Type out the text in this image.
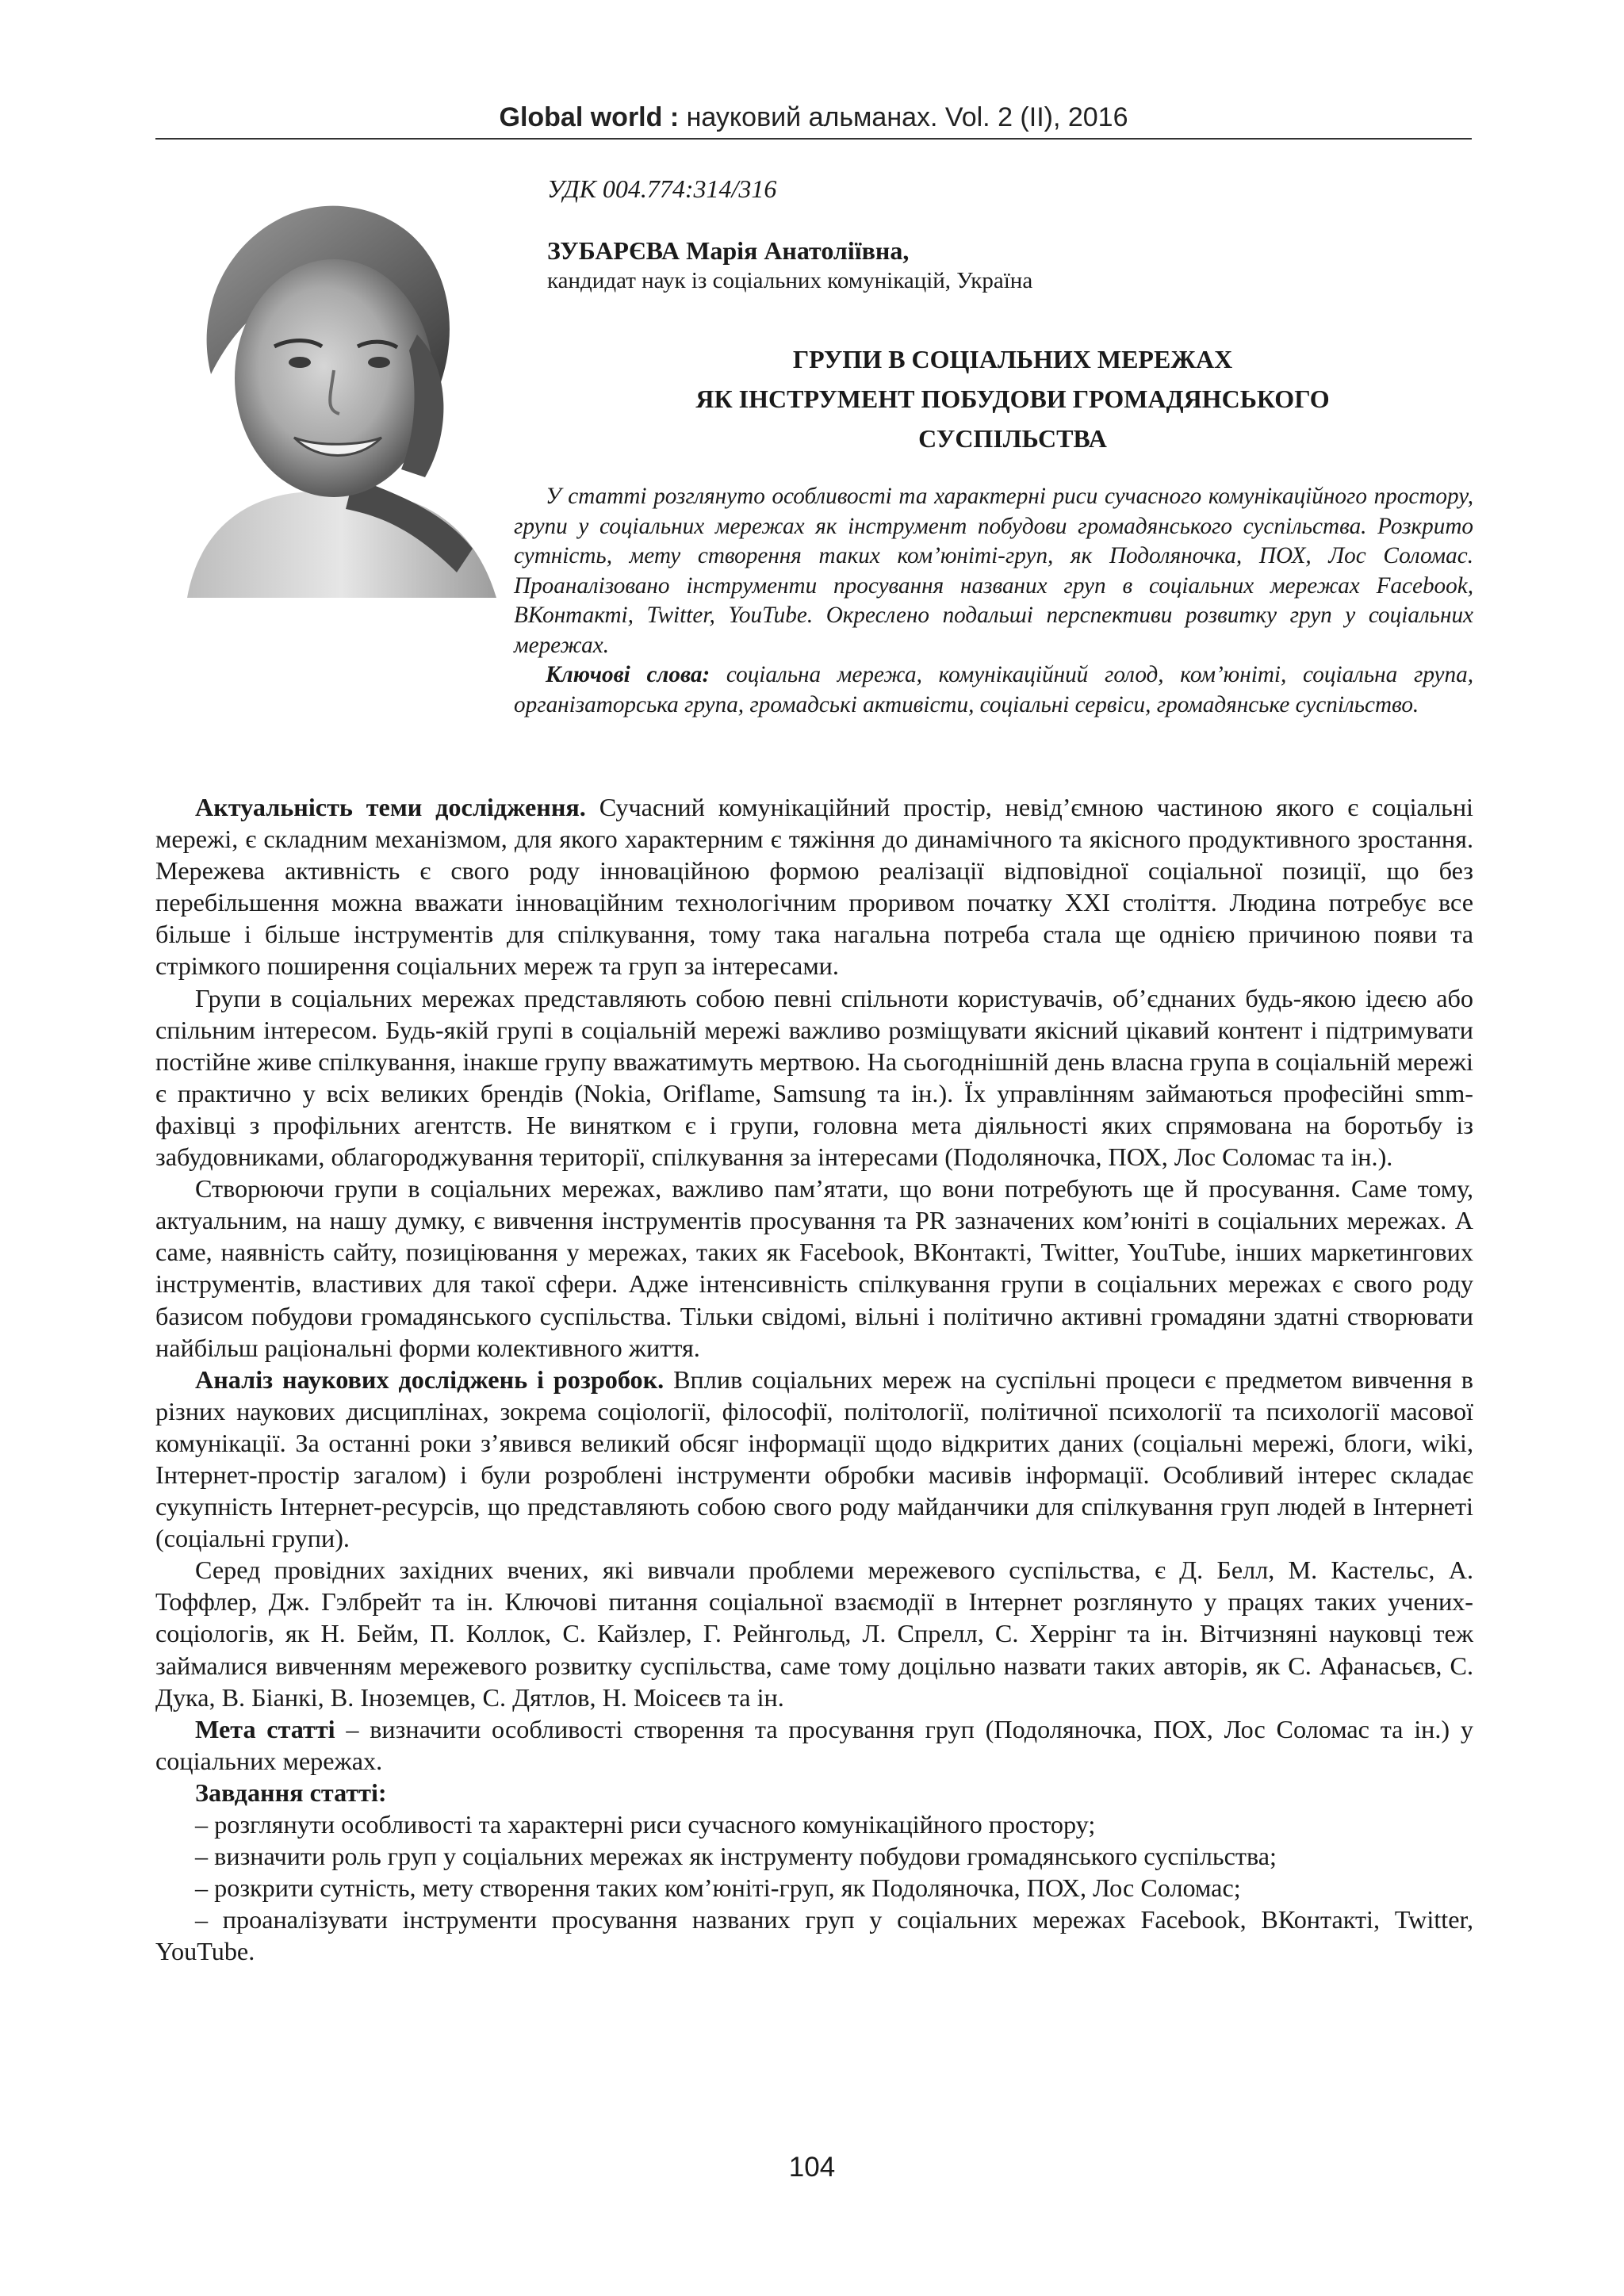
Global world : науковий альманах. Vol. 2 (II), 2016
УДК 004.774:314/316
ЗУБАРЄВА Марія Анатоліївна,
кандидат наук із соціальних комунікацій, Україна
ГРУПИ В СОЦІАЛЬНИХ МЕРЕЖАХ
ЯК ІНСТРУМЕНТ ПОБУДОВИ ГРОМАДЯНСЬКОГО
СУСПІЛЬСТВА

У статті розглянуто особливості та характерні риси сучасного комунікаційного простору, групи у соціальних мережах як інструмент побудови громадянського суспільства. Розкрито сутність, мету створення таких ком’юніті-груп, як Подоляночка, ПОХ, Лос Соломас. Проаналізовано інструменти просування названих груп в соціальних мережах Facebook, ВКонтакті, Twitter, YouTube. Окреслено подальші перспективи розвитку груп у соціальних мережах.

Ключові слова: соціальна мережа, комунікаційний голод, ком’юніті, соціальна група, організаторська група, громадські активісти, соціальні сервіси, громадянське суспільство.

Актуальність теми дослідження. Сучасний комунікаційний простір, невід’ємною частиною якого є соціальні мережі, є складним механізмом, для якого характерним є тяжіння до динамічного та якісного продуктивного зростання. Мережева активність є свого роду інноваційною формою реалізації відповідної соціальної позиції, що без перебільшення можна вважати інноваційним технологічним проривом початку XXI століття. Людина потребує все більше і більше інструментів для спілкування, тому така нагальна потреба стала ще однією причиною появи та стрімкого поширення соціальних мереж та груп за інтересами.

Групи в соціальних мережах представляють собою певні спільноти користувачів, об’єднаних будь-якою ідеєю або спільним інтересом. Будь-якій групі в соціальній мережі важливо розміщувати якісний цікавий контент і підтримувати постійне живе спілкування, інакше групу вважатимуть мертвою. На сьогоднішній день власна група в соціальній мережі є практично у всіх великих брендів (Nokia, Oriflame, Samsung та ін.). Їх управлінням займаються професійні smm-фахівці з профільних агентств. Не винятком є і групи, головна мета діяльності яких спрямована на боротьбу із забудовниками, облагороджування території, спілкування за інтересами (Подоляночка, ПОХ, Лос Соломас та ін.).

Створюючи групи в соціальних мережах, важливо пам’ятати, що вони потребують ще й просування. Саме тому, актуальним, на нашу думку, є вивчення інструментів просування та PR зазначених ком’юніті в соціальних мережах. А саме, наявність сайту, позиціювання у мережах, таких як Facebook, ВКонтакті, Twitter, YouTube, інших маркетингових інструментів, властивих для такої сфери. Адже інтенсивність спілкування групи в соціальних мережах є свого роду базисом побудови громадянського суспільства. Тільки свідомі, вільні і політично активні громадяни здатні створювати найбільш раціональні форми колективного життя.

Аналіз наукових досліджень і розробок. Вплив соціальних мереж на суспільні процеси є предметом вивчення в різних наукових дисциплінах, зокрема соціології, філософії, політології, політичної психології та психології масової комунікації. За останні роки з’явився великий обсяг інформації щодо відкритих даних (соціальні мережі, блоги, wiki, Інтернет-простір загалом) і були розроблені інструменти обробки масивів інформації. Особливий інтерес складає сукупність Інтернет-ресурсів, що представляють собою свого роду майданчики для спілкування груп людей в Інтернеті (соціальні групи).

Серед провідних західних вчених, які вивчали проблеми мережевого суспільства, є Д. Белл, М. Кастельс, А. Тоффлер, Дж. Гэлбрейт та ін. Ключові питання соціальної взаємодії в Інтернет розглянуто у працях таких учених-соціологів, як Н. Бейм, П. Коллок, С. Кайзлер, Г. Рейнгольд, Л. Спрелл, С. Херрінг та ін. Вітчизняні науковці теж займалися вивченням мережевого розвитку суспільства, саме тому доцільно назвати таких авторів, як С. Афанасьєв, С. Дука, В. Біанкі, В. Іноземцев, С. Дятлов, Н. Моісеєв та ін.

Мета статті – визначити особливості створення та просування груп (Подоляночка, ПОХ, Лос Соломас та ін.) у соціальних мережах.

Завдання статті:

– розглянути особливості та характерні риси сучасного комунікаційного простору;

– визначити роль груп у соціальних мережах як інструменту побудови громадянського суспільства;

– розкрити сутність, мету створення таких ком’юніті-груп, як Подоляночка, ПОХ, Лос Соломас;

– проаналізувати інструменти просування названих груп у соціальних мережах Facebook, ВКонтакті, Twitter, YouTube.

104
